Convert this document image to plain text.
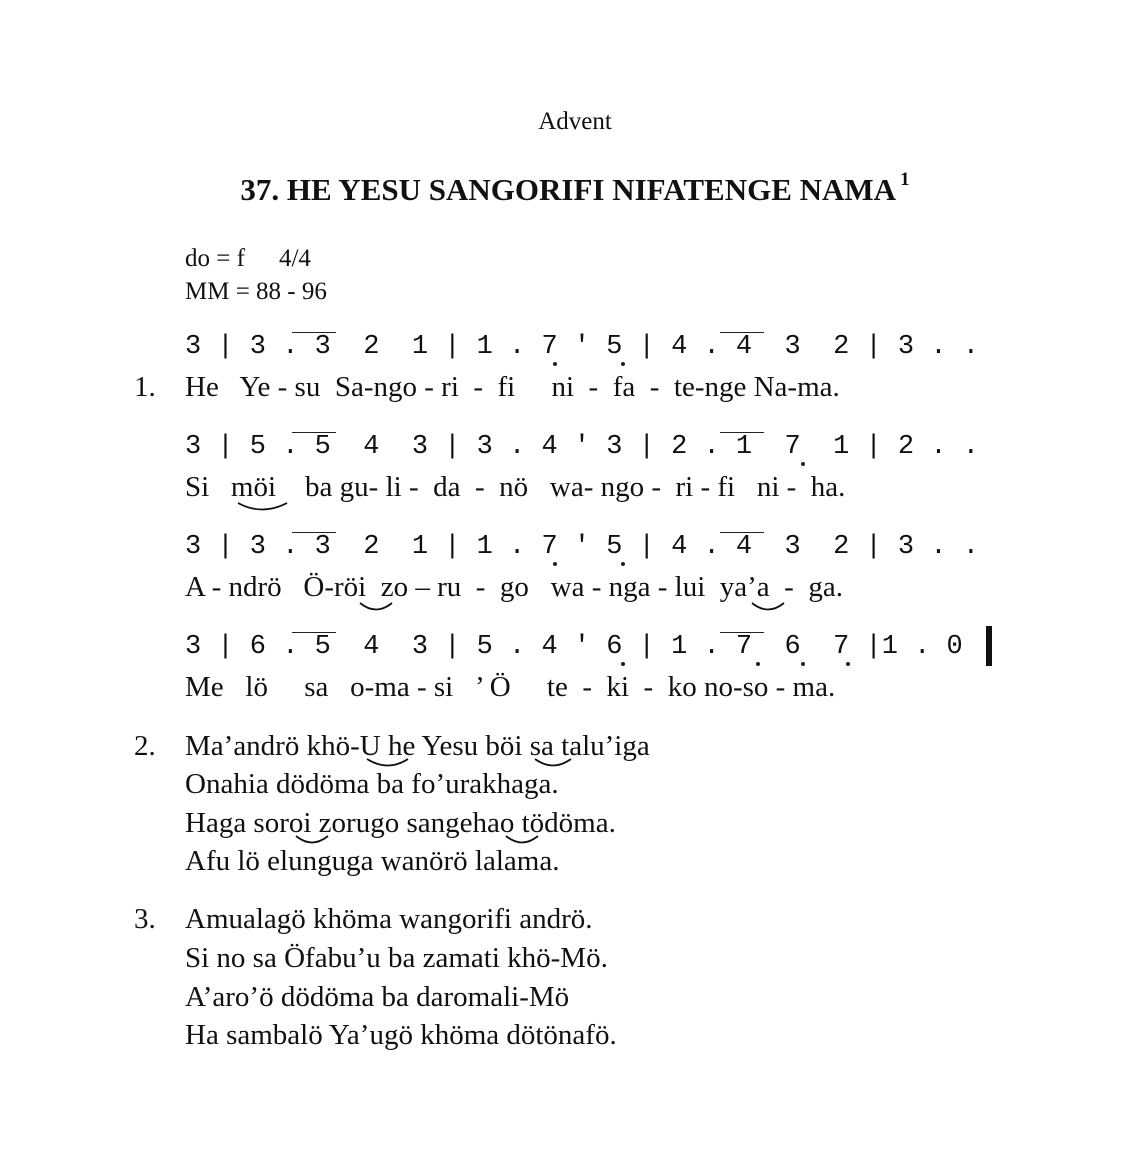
Advent
37. HE YESU SANGORIFI NIFATENGE NAMA $^1$
do = f 4/4
MM = 88 - 96
3 | 3 . 3  2  1 | 1 . 7 ' 5 | 4 . 4  3  2 | 3 . .
1. He   Ye - su  Sa-ngo - ri  -  fi     ni  -  fa  -  te-nge Na-ma.
3 | 5 . 5  4  3 | 3 . 4 ' 3 | 2 . 1  7  1 | 2 . .
Si   möi    ba gu- li -  da  -  nö   wa- ngo -  ri - fi   ni -  ha.
3 | 3 . 3  2  1 | 1 . 7 ' 5 | 4 . 4  3  2 | 3 . .
A - ndrö   Ö-röi  zo – ru  -  go   wa - nga - lui  ya’a  -  ga.
3 | 6 . 5  4  3 | 5 . 4 ' 6 | 1 . 7  6  7 |1 . 0
Me   lö     sa   o-ma - si   ’ Ö     te  -  ki  -  ko no-so - ma.
2. Ma’andrö khö-U he Yesu böi sa talu’iga
Onahia dödöma ba fo’urakhaga.
Haga soroi zorugo sangehao tödöma.
Afu lö elunguga wanörö lalama.
3. Amualagö khöma wangorifi andrö.
Si no sa Öfabu’u ba zamati khö-Mö.
A’aro’ö dödöma ba daromali-Mö
Ha sambalö Ya’ugö khöma dötönafö.
